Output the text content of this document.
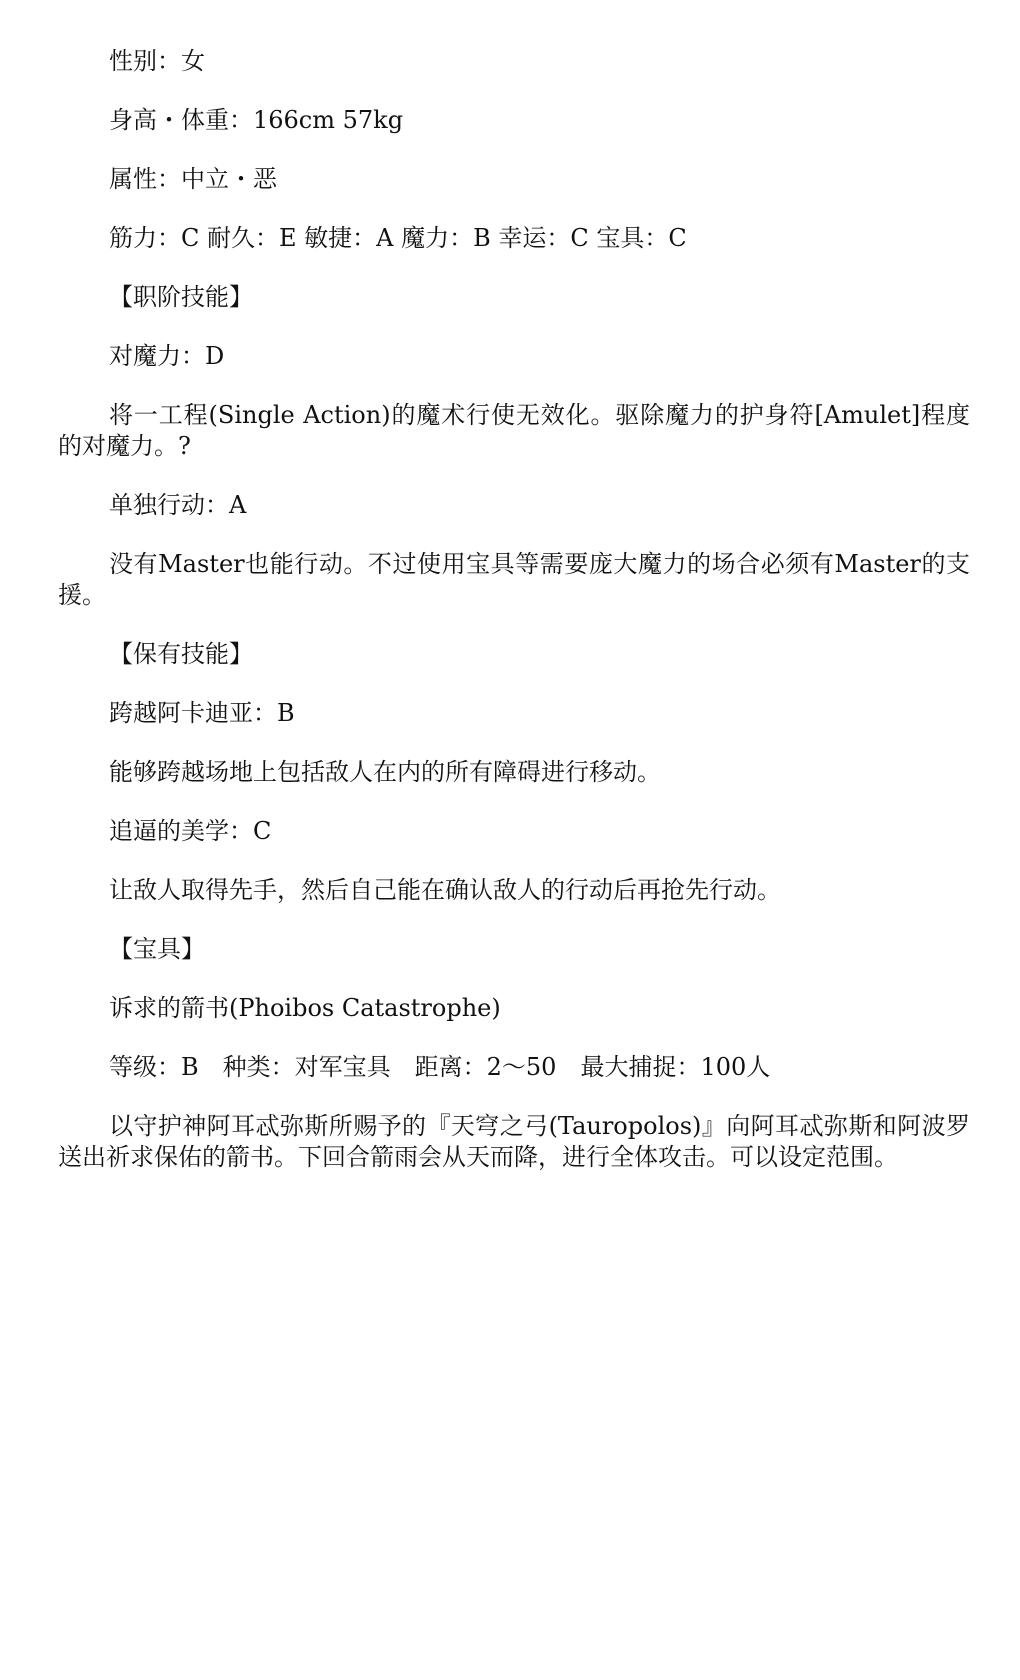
性别：女

身高・体重：166cm 57kg

属性：中立・恶

筋力：C 耐久：E 敏捷：A 魔力：B 幸运：C 宝具：C

【职阶技能】

对魔力：D

将一工程(Single Action)的魔术行使无效化。驱除魔力的护身符[Amulet]程度的对魔力。?

单独行动：A

没有Master也能行动。不过使用宝具等需要庞大魔力的场合必须有Master的支援。

【保有技能】

跨越阿卡迪亚：B

能够跨越场地上包括敌人在内的所有障碍进行移动。

追逼的美学：C

让敌人取得先手，然后自己能在确认敌人的行动后再抢先行动。

【宝具】

诉求的箭书(Phoibos Catastrophe)

等级：B　种类：对军宝具　距离：2～50　最大捕捉：100人

以守护神阿耳忒弥斯所赐予的『天穹之弓(Tauropolos)』向阿耳忒弥斯和阿波罗送出祈求保佑的箭书。下回合箭雨会从天而降，进行全体攻击。可以设定范围。
